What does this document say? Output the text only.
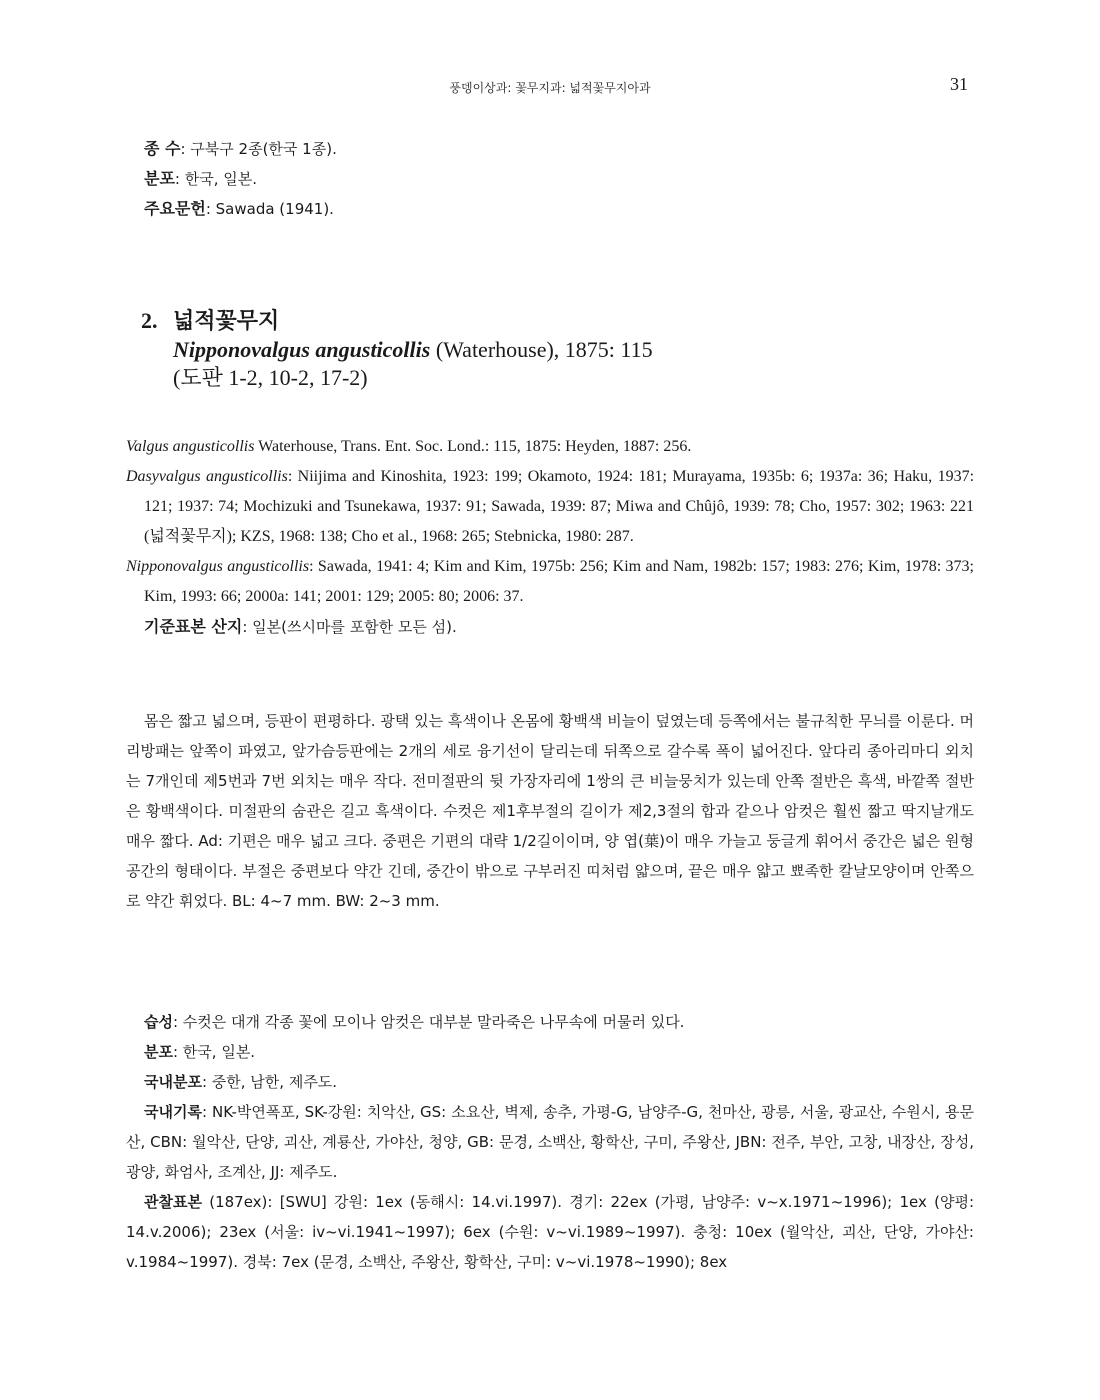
풍뎅이상과: 꽃무지과: 넓적꽃무지아과	31
종 수: 구북구 2종(한국 1종).
분포: 한국, 일본.
주요문헌: Sawada (1941).
2. 넓적꽃무지
Nipponovalgus angusticollis (Waterhouse), 1875: 115
(도판 1-2, 10-2, 17-2)

Valgus angusticollis Waterhouse, Trans. Ent. Soc. Lond.: 115, 1875: Heyden, 1887: 256.

Dasyvalgus angusticollis: Niijima and Kinoshita, 1923: 199; Okamoto, 1924: 181; Murayama, 1935b: 6; 1937a: 36; Haku, 1937: 121; 1937: 74; Mochizuki and Tsunekawa, 1937: 91; Sawada, 1939: 87; Miwa and Chûjô, 1939: 78; Cho, 1957: 302; 1963: 221 (넓적꽃무지); KZS, 1968: 138; Cho et al., 1968: 265; Stebnicka, 1980: 287.

Nipponovalgus angusticollis: Sawada, 1941: 4; Kim and Kim, 1975b: 256; Kim and Nam, 1982b: 157; 1983: 276; Kim, 1978: 373; Kim, 1993: 66; 2000a: 141; 2001: 129; 2005: 80; 2006: 37.

기준표본 산지: 일본(쓰시마를 포함한 모든 섬).

몸은 짧고 넓으며, 등판이 편평하다. 광택 있는 흑색이나 온몸에 황백색 비늘이 덮였는데 등쪽에서는 불규칙한 무늬를 이룬다. 머리방패는 앞쪽이 파였고, 앞가슴등판에는 2개의 세로 융기선이 달리는데 뒤쪽으로 갈수록 폭이 넓어진다. 앞다리 종아리마디 외치는 7개인데 제5번과 7번 외치는 매우 작다. 전미절판의 뒷 가장자리에 1쌍의 큰 비늘뭉치가 있는데 안쪽 절반은 흑색, 바깥쪽 절반은 황백색이다. 미절판의 숨관은 길고 흑색이다. 수컷은 제1후부절의 길이가 제2,3절의 합과 같으나 암컷은 훨씬 짧고 딱지날개도 매우 짧다. Ad: 기편은 매우 넓고 크다. 중편은 기편의 대략 1/2길이이며, 양 엽(葉)이 매우 가늘고 둥글게 휘어서 중간은 넓은 원형 공간의 형태이다. 부절은 중편보다 약간 긴데, 중간이 밖으로 구부러진 띠처럼 얇으며, 끝은 매우 얇고 뾰족한 칼날모양이며 안쪽으로 약간 휘었다. BL: 4~7 mm. BW: 2~3 mm.

습성: 수컷은 대개 각종 꽃에 모이나 암컷은 대부분 말라죽은 나무속에 머물러 있다.

분포: 한국, 일본.

국내분포: 중한, 남한, 제주도.

국내기록: NK-박연폭포, SK-강원: 치악산, GS: 소요산, 벽제, 송추, 가평-G, 남양주-G, 천마산, 광릉, 서울, 광교산, 수원시, 용문산, CBN: 월악산, 단양, 괴산, 계룡산, 가야산, 청양, GB: 문경, 소백산, 황학산, 구미, 주왕산, JBN: 전주, 부안, 고창, 내장산, 장성, 광양, 화엄사, 조계산, JJ: 제주도.

관찰표본 (187ex): [SWU] 강원: 1ex (동해시: 14.vi.1997). 경기: 22ex (가평, 남양주: v~x.1971~1996); 1ex (양평: 14.v.2006); 23ex (서울: iv~vi.1941~1997); 6ex (수원: v~vi.1989~1997). 충청: 10ex (월악산, 괴산, 단양, 가야산: v.1984~1997). 경북: 7ex (문경, 소백산, 주왕산, 황학산, 구미: v~vi.1978~1990); 8ex
